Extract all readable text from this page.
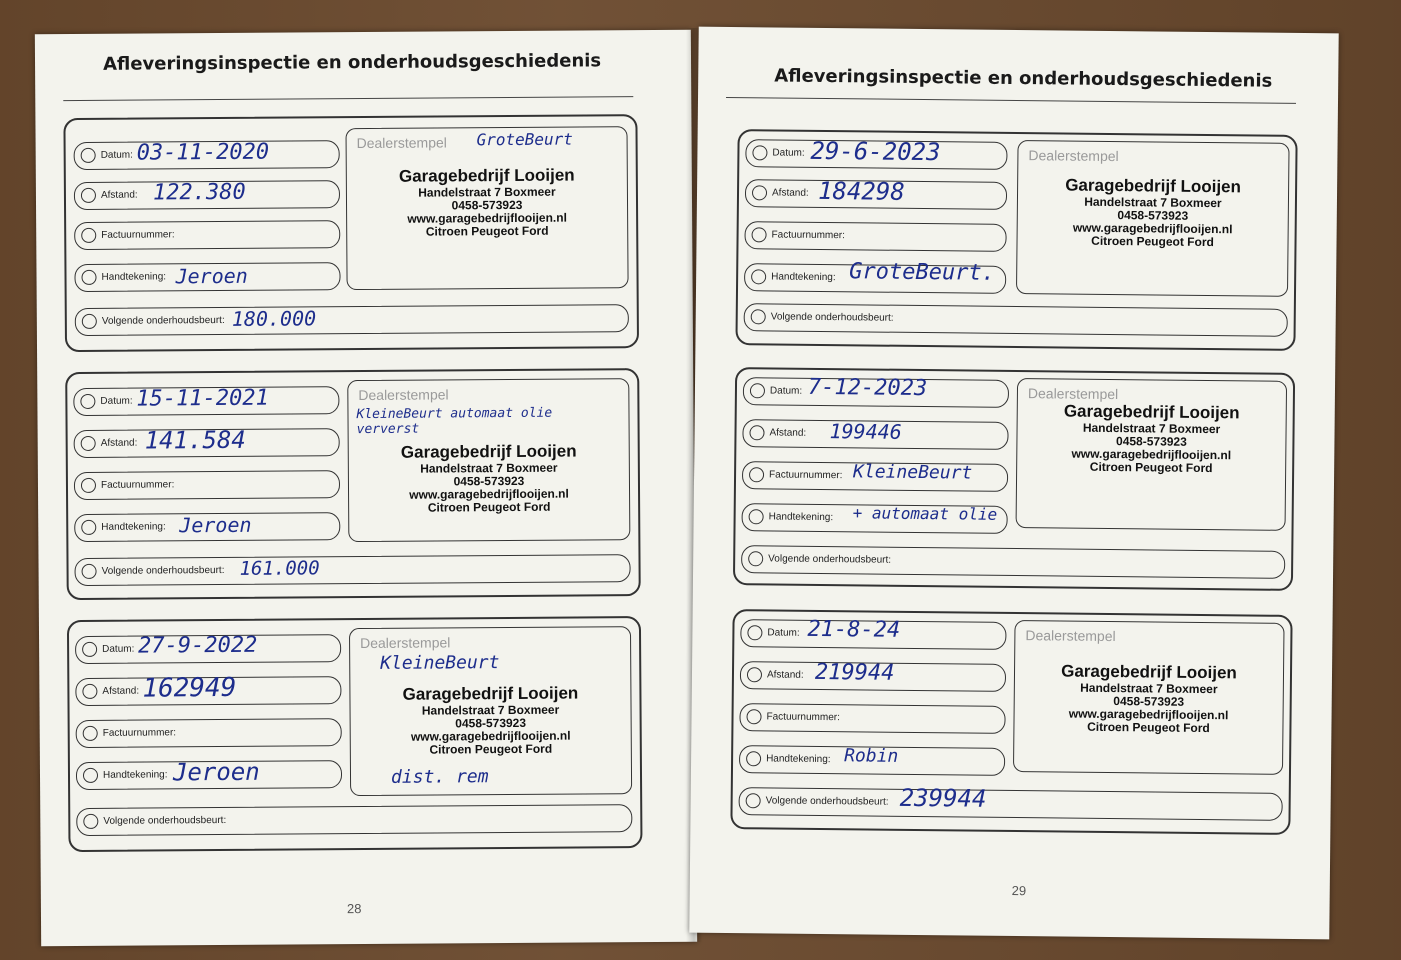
Afleveringsinspectie en onderhoudsgeschiedenis
Datum: 03-11-2020
Afstand: 122.380
Factuurnummer:
Handtekening: Jeroen
Dealerstempel GroteBeurt
Garagebedrijf Looijen
Handelstraat 7 Boxmeer
0458-573923
www.garagebedrijflooijen.nl
Citroen Peugeot Ford
Volgende onderhoudsbeurt: 180.000
Datum: 15-11-2021
Afstand: 141.584
Factuurnummer:
Handtekening: Jeroen
Dealerstempel
KleineBeurt automaat olie ververst
Garagebedrijf Looijen
Handelstraat 7 Boxmeer
0458-573923
www.garagebedrijflooijen.nl
Citroen Peugeot Ford
Volgende onderhoudsbeurt: 161.000
Datum: 27-9-2022
Afstand: 162949
Factuurnummer:
Handtekening: Jeroen
Dealerstempel
KleineBeurt
Garagebedrijf Looijen
Handelstraat 7 Boxmeer
0458-573923
www.garagebedrijflooijen.nl
Citroen Peugeot Ford
dist. rem
Volgende onderhoudsbeurt:
28
Afleveringsinspectie en onderhoudsgeschiedenis
Datum: 29-6-2023
Afstand: 184298
Factuurnummer:
Handtekening: GroteBeurt.
Dealerstempel
Garagebedrijf Looijen
Handelstraat 7 Boxmeer
0458-573923
www.garagebedrijflooijen.nl
Citroen Peugeot Ford
Volgende onderhoudsbeurt:
Datum: 7-12-2023
Afstand: 199446
Factuurnummer: KleineBeurt
Handtekening: + automaat olie
Dealerstempel
Garagebedrijf Looijen
Handelstraat 7 Boxmeer
0458-573923
www.garagebedrijflooijen.nl
Citroen Peugeot Ford
Volgende onderhoudsbeurt:
Datum: 21-8-24
Afstand: 219944
Factuurnummer:
Handtekening: Robin
Dealerstempel
Garagebedrijf Looijen
Handelstraat 7 Boxmeer
0458-573923
www.garagebedrijflooijen.nl
Citroen Peugeot Ford
Volgende onderhoudsbeurt: 239944
29
